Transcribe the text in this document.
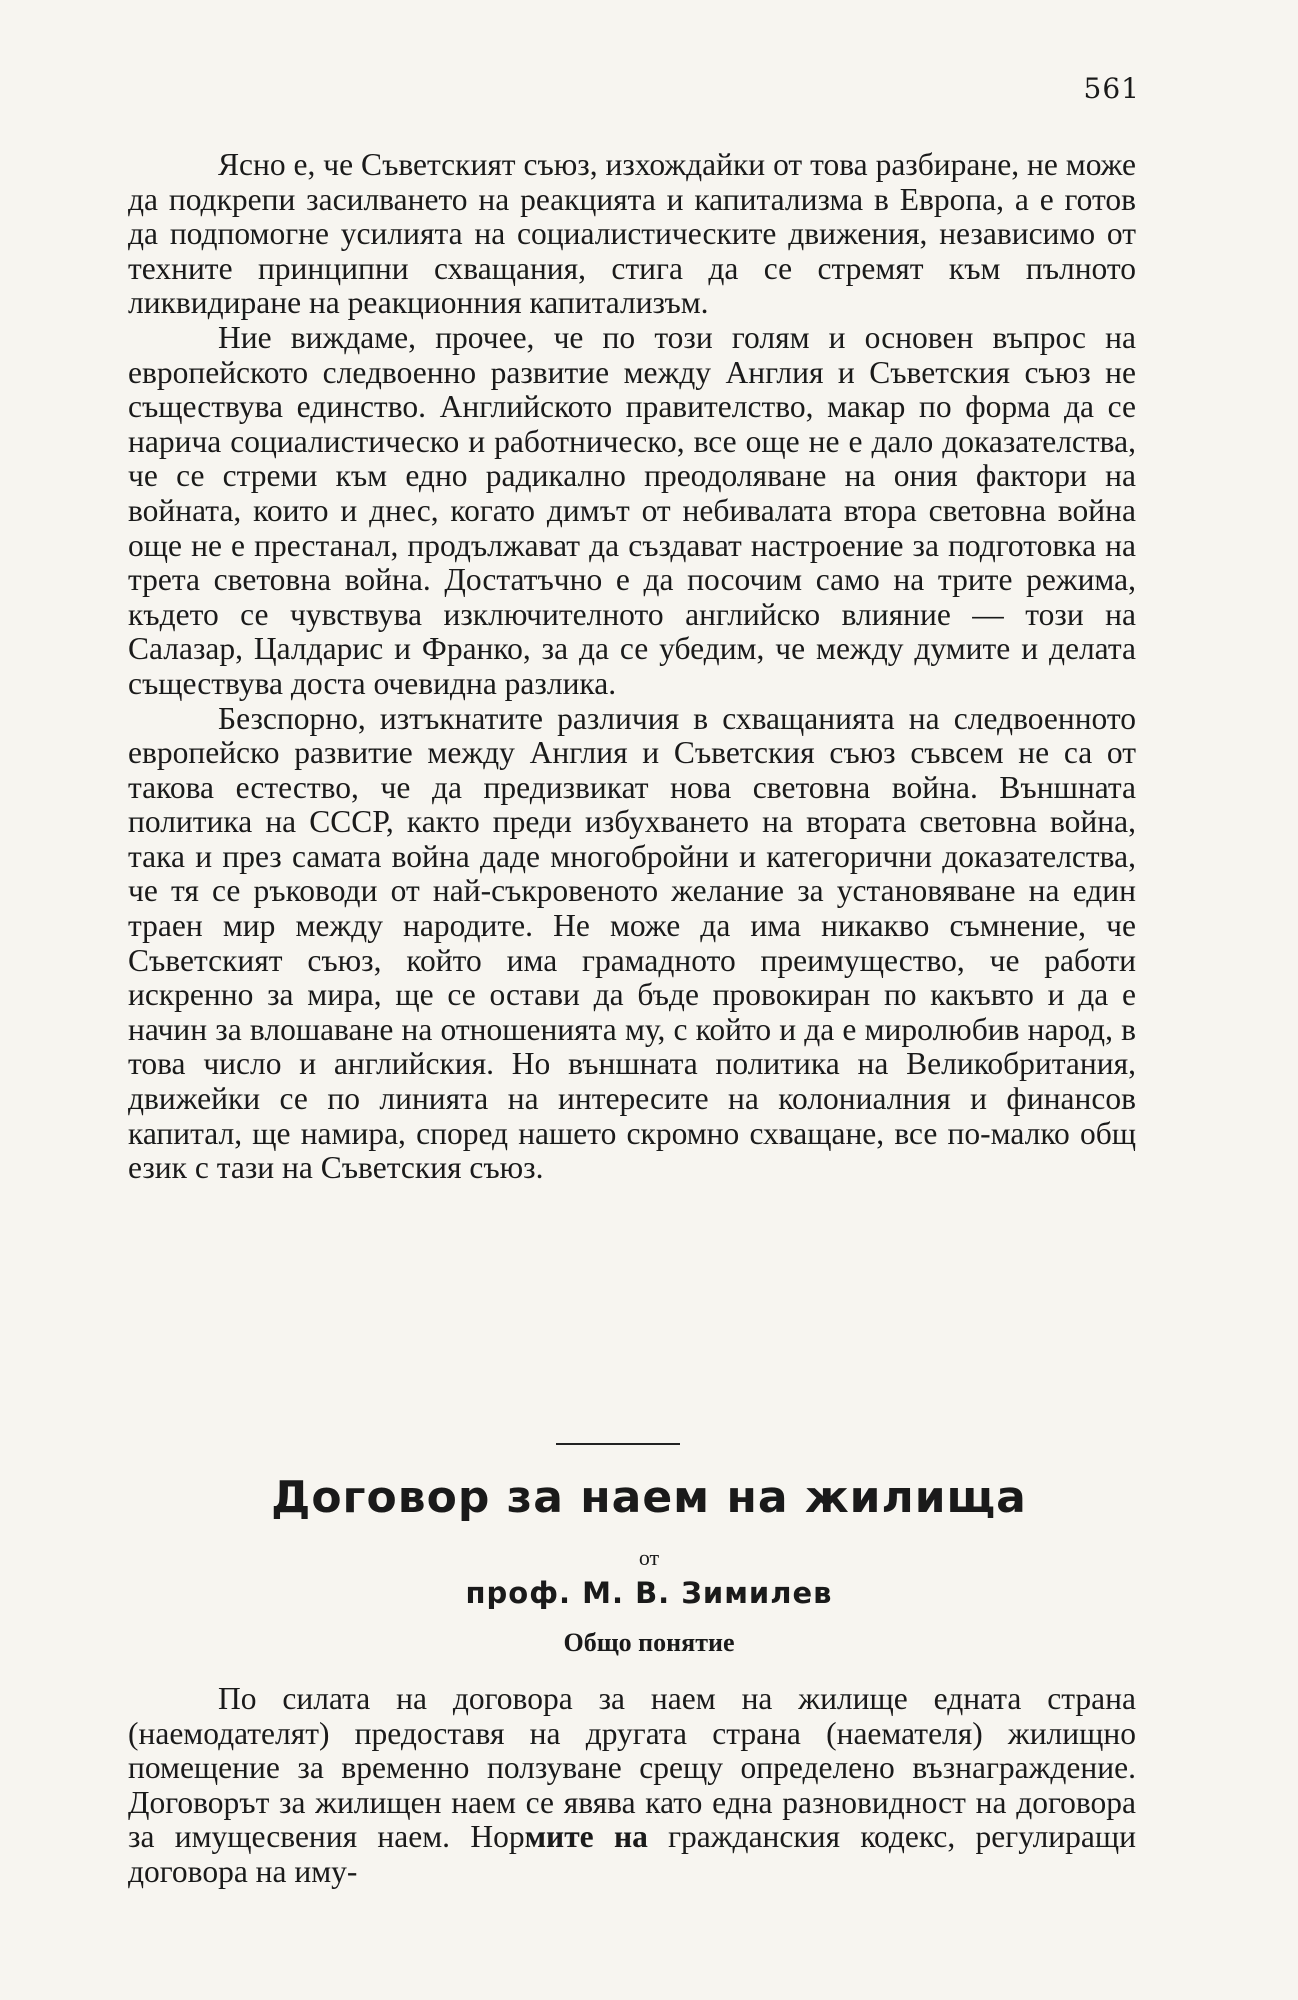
561

Ясно е, че Съветският съюз, изхождайки от това разбиране, не може да подкрепи засилването на реакцията и капитализма в Европа, а е готов да подпомогне усилията на социалистическите движения, независимо от техните принципни схващания, стига да се стремят към пълното ликвидиране на реакционния капитализъм.

Ние виждаме, прочее, че по този голям и основен въпрос на европейското следвоенно развитие между Англия и Съветския съюз не съществува единство. Английското правителство, макар по форма да се нарича социалистическо и работническо, все още не е дало доказателства, че се стреми към едно радикално преодоляване на ония фактори на войната, които и днес, когато димът от небивалата втора световна война още не е престанал, продължават да създават настроение за подготовка на трета световна война. Достатъчно е да посочим само на трите режима, където се чувствува изключителното английско влияние — този на Салазар, Цалдарис и Франко, за да се убедим, че между думите и делата съществува доста очевидна разлика.

Безспорно, изтъкнатите различия в схващанията на следвоенното европейско развитие между Англия и Съветския съюз съвсем не са от такова естество, че да предизвикат нова световна война. Външната политика на СССР, както преди избухването на втората световна война, така и през самата война даде многобройни и категорични доказателства, че тя се ръководи от най-съкровеното желание за установяване на един траен мир между народите. Не може да има никакво съмнение, че Съветският съюз, който има грамадното преимущество, че работи искренно за мира, ще се остави да бъде провокиран по какъвто и да е начин за влошаване на отношенията му, с който и да е миролюбив народ, в това число и английския. Но външната политика на Великобритания, движейки се по линията на интересите на колониалния и финансов капитал, ще намира, според нашето скромно схващане, все по-малко общ език с тази на Съветския съюз.

Договор за наем на жилища
от
проф. М. В. Зимилев
Общо понятие

По силата на договора за наем на жилище едната страна (наемодателят) предоставя на другата страна (наемателя) жилищно помещение за временно ползуване срещу определено възнаграждение. Договорът за жилищен наем се явява като една разновидност на договора за имущесвения наем. Нормите на гражданския кодекс, регулиращи договора на иму-
